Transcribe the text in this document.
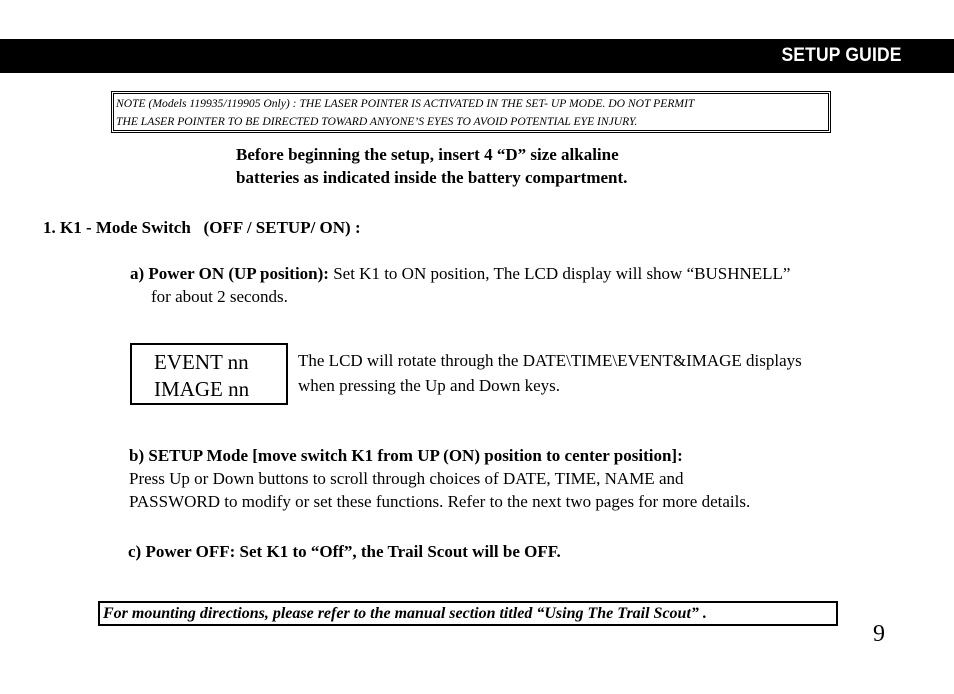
SETUP GUIDE
NOTE (Models 119935/119905 Only) : THE LASER POINTER IS ACTIVATED IN THE SET- UP MODE. DO NOT PERMIT
THE LASER POINTER TO BE DIRECTED TOWARD ANYONE’S EYES TO AVOID POTENTIAL EYE INJURY.
Before beginning the setup, insert 4 “D” size alkaline
batteries as indicated inside the battery compartment.
1. K1 - Mode Switch   (OFF / SETUP/ ON) :
a) Power ON (UP position): Set K1 to ON position, The LCD display will show “BUSHNELL”
for about 2 seconds.
EVENT nn
IMAGE nn
The LCD will rotate through the DATE\TIME\EVENT&IMAGE displays
when pressing the Up and Down keys.
b) SETUP Mode [move switch K1 from UP (ON) position to center position]:
Press Up or Down buttons to scroll through choices of DATE, TIME, NAME and
PASSWORD to modify or set these functions. Refer to the next two pages for more details.
c) Power OFF: Set K1 to “Off”, the Trail Scout will be OFF.
For mounting directions, please refer to the manual section titled “Using The Trail Scout” .
9
